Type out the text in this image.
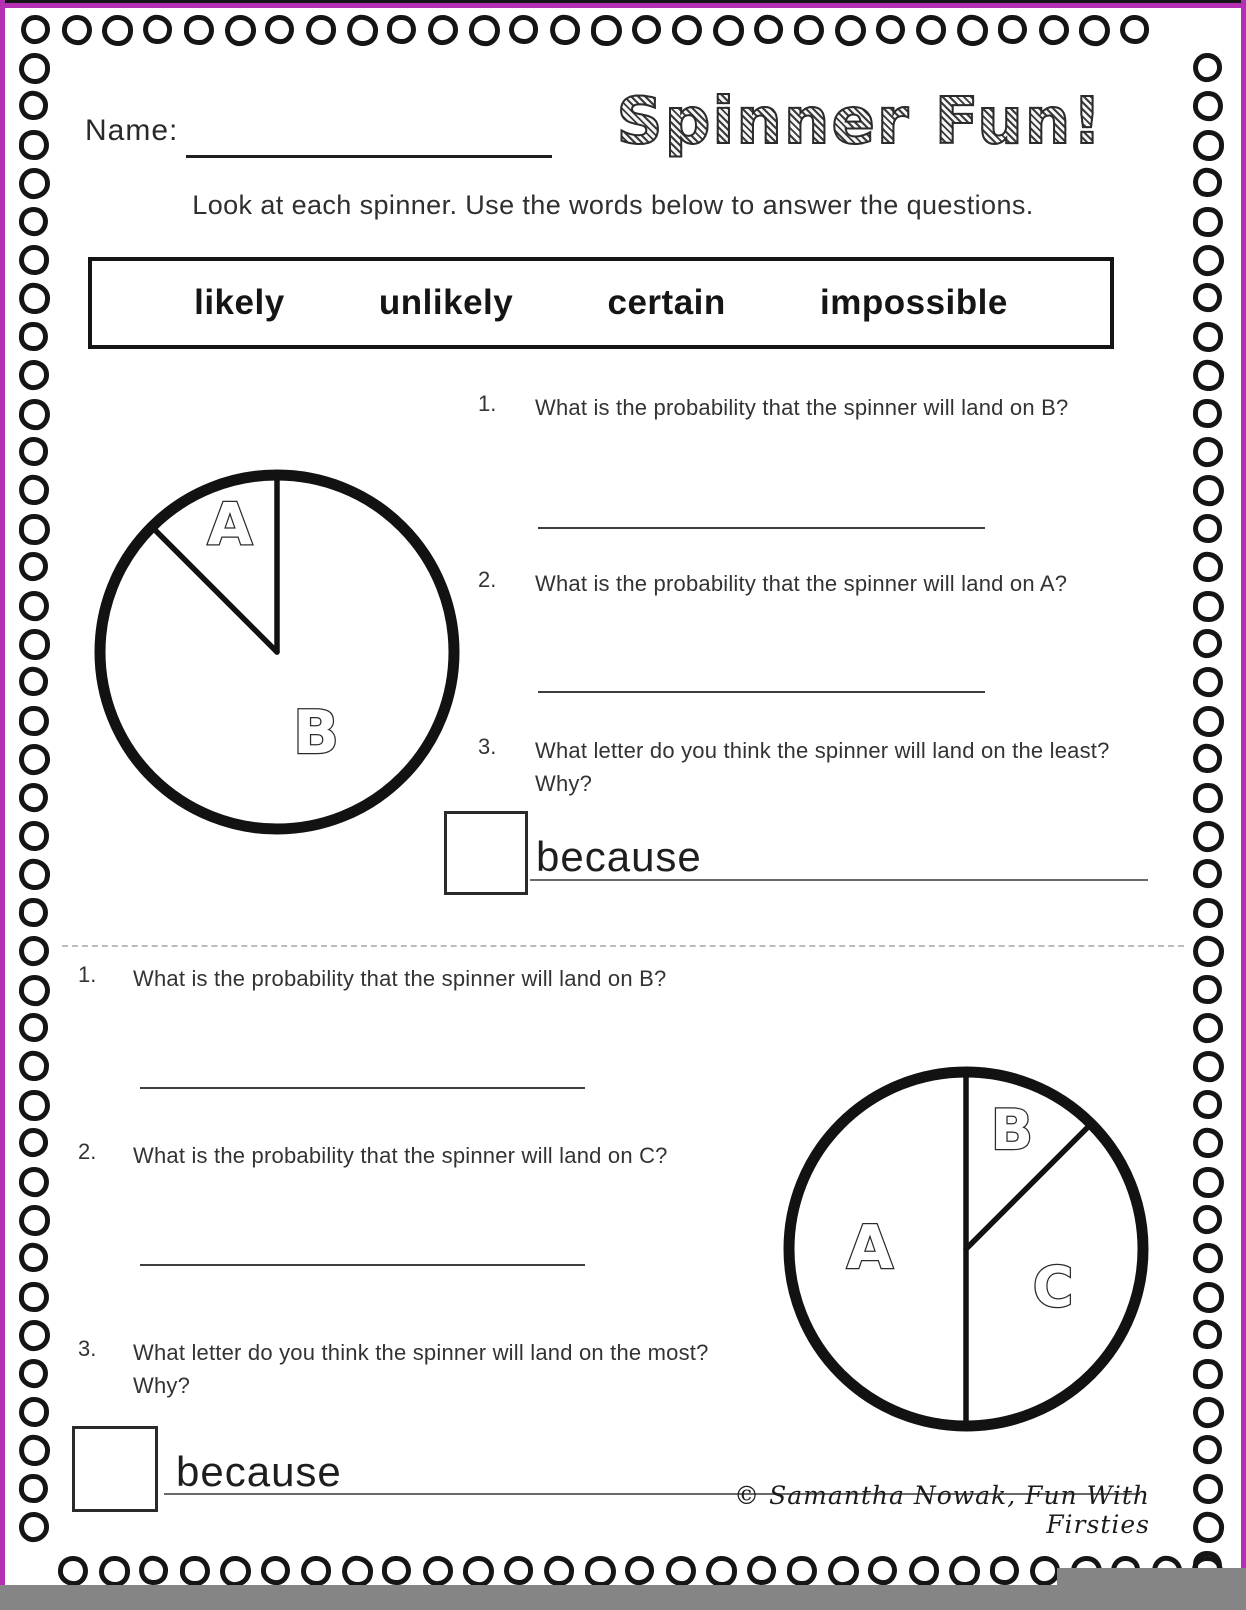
Name:	Spinner Fun!
Look at each spinner. Use the words below to answer the questions.
likely	unlikely	certain	impossible
A
B
1. What is the probability that the spinner will land on B?
2. What is the probability that the spinner will land on A?
3. What letter do you think the spinner will land on the least? Why?
because
1. What is the probability that the spinner will land on B?
2. What is the probability that the spinner will land on C?
3. What letter do you think the spinner will land on the most? Why?
because
A
B
C
© Samantha Nowak, Fun With Firsties
